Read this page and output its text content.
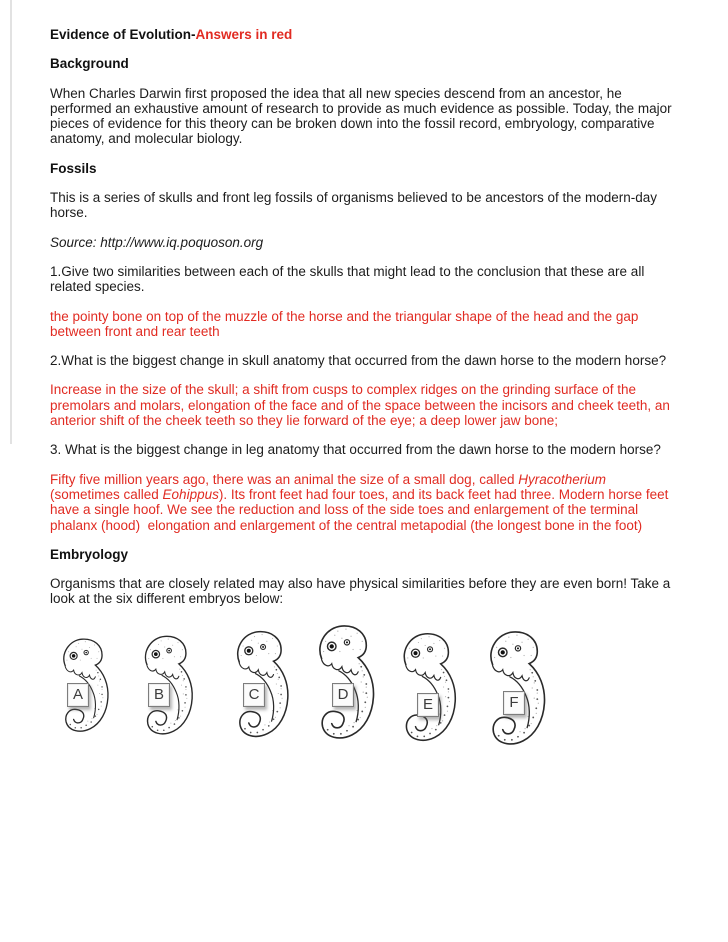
Evidence of Evolution-Answers in red
Background

When Charles Darwin first proposed the idea that all new species descend from an ancestor, he performed an exhaustive amount of research to provide as much evidence as possible. Today, the major pieces of evidence for this theory can be broken down into the fossil record, embryology, comparative anatomy, and molecular biology.

Fossils

This is a series of skulls and front leg fossils of organisms believed to be ancestors of the modern-day horse.

Source: http://www.iq.poquoson.org

1.Give two similarities between each of the skulls that might lead to the conclusion that these are all related species.

the pointy bone on top of the muzzle of the horse and the triangular shape of the head and the gap between front and rear teeth

2.What is the biggest change in skull anatomy that occurred from the dawn horse to the modern horse?

Increase in the size of the skull; a shift from cusps to complex ridges on the grinding surface of the premolars and molars, elongation of the face and of the space between the incisors and cheek teeth, an anterior shift of the cheek teeth so they lie forward of the eye; a deep lower jaw bone;

3. What is the biggest change in leg anatomy that occurred from the dawn horse to the modern horse?

Fifty five million years ago, there was an animal the size of a small dog, called Hyracotherium (sometimes called Eohippus). Its front feet had four toes, and its back feet had three. Modern horse feet have a single hoof. We see the reduction and loss of the side toes and enlargement of the terminal phalanx (hood)  elongation and enlargement of the central metapodial (the longest bone in the foot)

Embryology

Organisms that are closely related may also have physical similarities before they are even born! Take a look at the six different embryos below:

A	B	C	D
E	F
